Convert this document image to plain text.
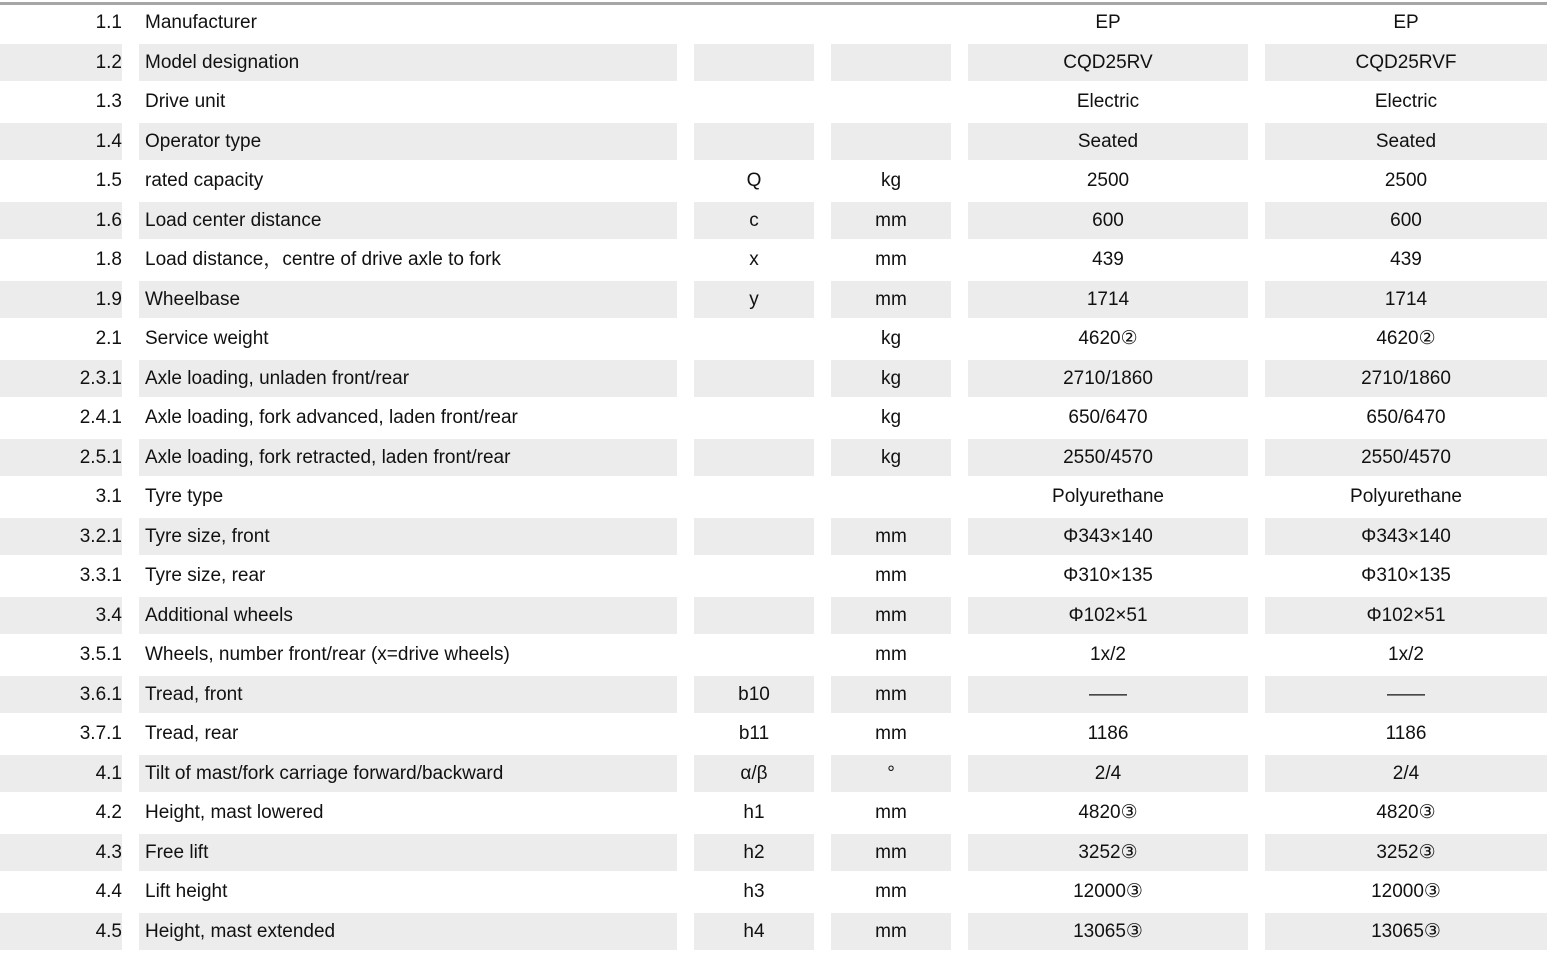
1.1		Manufacturer						EP		EP
1.2		Model designation						CQD25RV		CQD25RVF
1.3		Drive unit						Electric		Electric
1.4		Operator type						Seated		Seated
1.5		rated capacity		Q		kg		2500		2500
1.6		Load center distance		c		mm		600		600
1.8		Load distance，centre of drive axle to fork		x		mm		439		439
1.9		Wheelbase		y		mm		1714		1714
2.1		Service weight				kg		4620②		4620②
2.3.1		Axle loading, unladen front/rear				kg		2710/1860		2710/1860
2.4.1		Axle loading, fork advanced, laden front/rear				kg		650/6470		650/6470
2.5.1		Axle loading, fork retracted, laden front/rear				kg		2550/4570		2550/4570
3.1		Tyre type						Polyurethane		Polyurethane
3.2.1		Tyre size, front				mm		Φ343×140		Φ343×140
3.3.1		Tyre size, rear				mm		Φ310×135		Φ310×135
3.4		Additional wheels				mm		Φ102×51		Φ102×51
3.5.1		Wheels, number front/rear (x=drive wheels)				mm		1x/2		1x/2
3.6.1		Tread, front		b10		mm		——		——
3.7.1		Tread, rear		b11		mm		1186		1186
4.1		Tilt of mast/fork carriage forward/backward		α/β		°		2/4		2/4
4.2		Height, mast lowered		h1		mm		4820③		4820③
4.3		Free lift		h2		mm		3252③		3252③
4.4		Lift height		h3		mm		12000③		12000③
4.5		Height, mast extended		h4		mm		13065③		13065③
